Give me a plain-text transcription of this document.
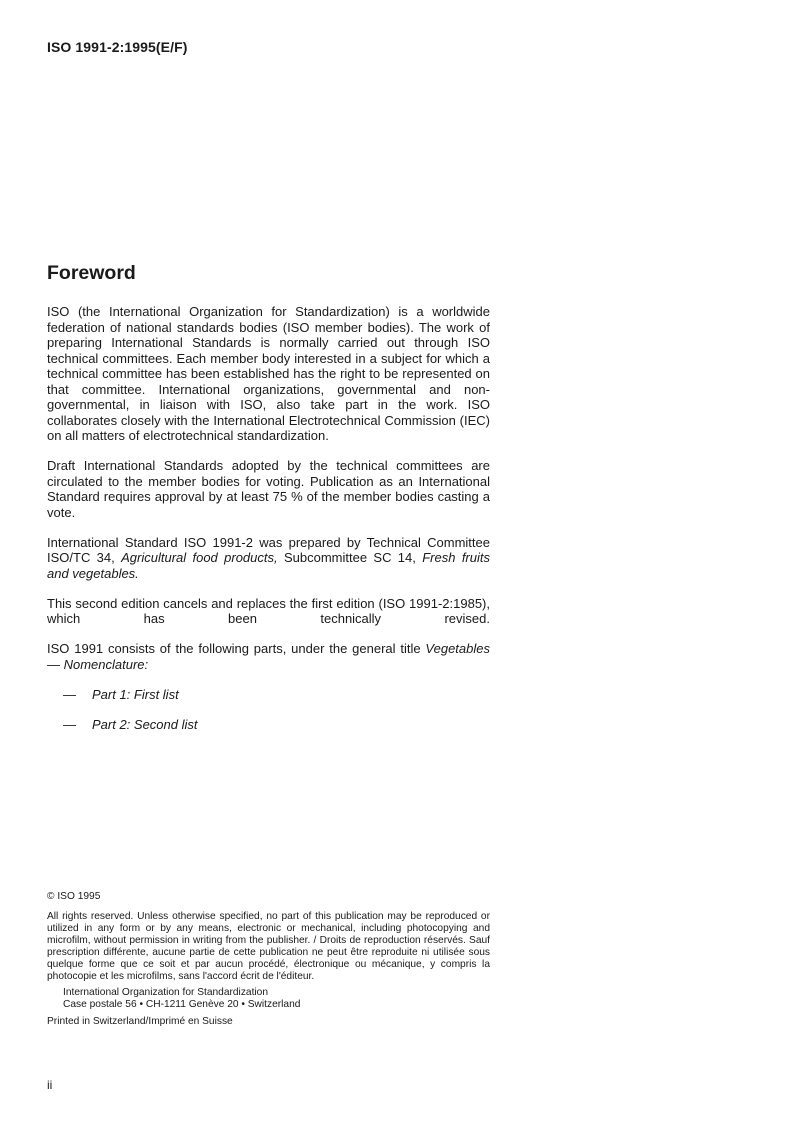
ISO 1991-2:1995(E/F)
Foreword

ISO (the International Organization for Standardization) is a worldwide federation of national standards bodies (ISO member bodies). The work of preparing International Standards is normally carried out through ISO technical committees. Each member body interested in a subject for which a technical committee has been established has the right to be represented on that committee. International organizations, governmental and non-governmental, in liaison with ISO, also take part in the work. ISO collaborates closely with the International Electrotechnical Commission (IEC) on all matters of electrotechnical standardization.

Draft International Standards adopted by the technical committees are circulated to the member bodies for voting. Publication as an International Standard requires approval by at least 75 % of the member bodies casting a vote.

International Standard ISO 1991-2 was prepared by Technical Committee ISO/TC 34, Agricultural food products, Subcommittee SC 14, Fresh fruits and vegetables.

This second edition cancels and replaces the first edition (ISO 1991-2:1985), which has been technically revised.

ISO 1991 consists of the following parts, under the general title Vegetables — Nomenclature:

—	Part 1: First list
—	Part 2: Second list
© ISO 1995
All rights reserved. Unless otherwise specified, no part of this publication may be reproduced or utilized in any form or by any means, electronic or mechanical, including photocopying and microfilm, without permission in writing from the publisher. / Droits de reproduction réservés. Sauf prescription différente, aucune partie de cette publication ne peut être reproduite ni utilisée sous quelque forme que ce soit et par aucun procédé, électronique ou mécanique, y compris la photocopie et les microfilms, sans l'accord écrit de l'éditeur.
International Organization for Standardization
Case postale 56 • CH-1211 Genève 20 • Switzerland
Printed in Switzerland/Imprimé en Suisse
ii
